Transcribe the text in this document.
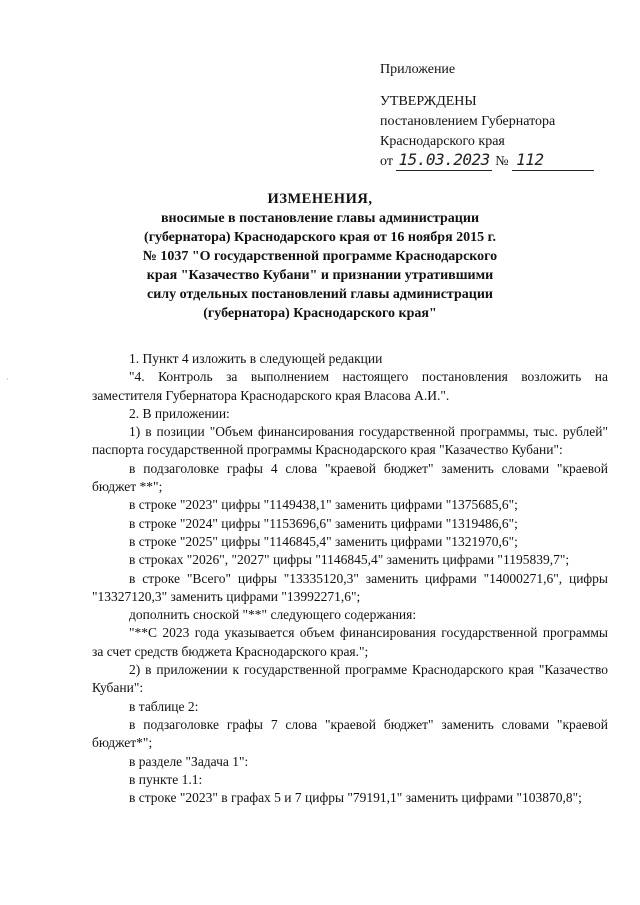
Приложение
УТВЕРЖДЕНЫ
постановлением Губернатора
Краснодарского края
от 15.03.2023 № 112
ИЗМЕНЕНИЯ,
вносимые в постановление главы администрации
(губернатора) Краснодарского края от 16 ноября 2015 г.
№ 1037 "О государственной программе Краснодарского
края "Казачество Кубани" и признании утратившими
силу отдельных постановлений главы администрации
(губернатора) Краснодарского края"
·

1. Пункт 4 изложить в следующей редакции

"4. Контроль за выполнением настоящего постановления возложить на заместителя Губернатора Краснодарского края Власова А.И.".

2. В приложении:

1) в позиции "Объем финансирования государственной программы, тыс. рублей" паспорта государственной программы Краснодарского края "Казачество Кубани":

в подзаголовке графы 4 слова "краевой бюджет" заменить словами "краевой бюджет **";

в строке "2023" цифры "1149438,1" заменить цифрами "1375685,6";

в строке "2024" цифры "1153696,6" заменить цифрами "1319486,6";

в строке "2025" цифры "1146845,4" заменить цифрами "1321970,6";

в строках "2026", "2027" цифры "1146845,4" заменить цифрами "1195839,7";

в строке "Всего" цифры "13335120,3" заменить цифрами "14000271,6", цифры "13327120,3" заменить цифрами "13992271,6";

дополнить сноской "**" следующего содержания:

"**С 2023 года указывается объем финансирования государственной программы за счет средств бюджета Краснодарского края.";

2) в приложении к государственной программе Краснодарского края "Казачество Кубани":

в таблице 2:

в подзаголовке графы 7 слова "краевой бюджет" заменить словами "краевой бюджет*";

в разделе "Задача 1":

в пункте 1.1:

в строке "2023" в графах 5 и 7 цифры "79191,1" заменить цифрами "103870,8";
